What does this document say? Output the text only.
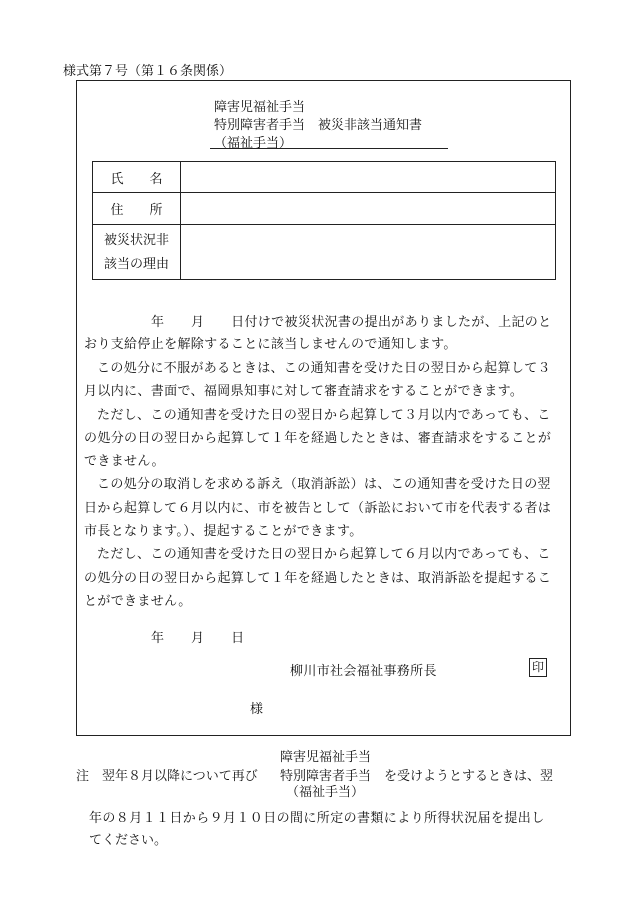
様式第７号（第１６条関係）
障害児福祉手当
特別障害者手当　被災非該当通知書
（福祉手当）
氏　　名	
住　　所	
被災状況非
該当の理由	
年　　月　　日付けで被災状況書の提出がありましたが、上記のと
おり支給停止を解除することに該当しませんので通知します。
この処分に不服があるときは、この通知書を受けた日の翌日から起算して３
月以内に、書面で、福岡県知事に対して審査請求をすることができます。
ただし、この通知書を受けた日の翌日から起算して３月以内であっても、こ
の処分の日の翌日から起算して１年を経過したときは、審査請求をすることが
できません。
この処分の取消しを求める訴え（取消訴訟）は、この通知書を受けた日の翌
日から起算して６月以内に、市を被告として（訴訟において市を代表する者は
市長となります。）、提起することができます。
ただし、この通知書を受けた日の翌日から起算して６月以内であっても、こ
の処分の日の翌日から起算して１年を経過したときは、取消訴訟を提起するこ
とができません。
年　　月　　日
柳川市社会福祉事務所長	印
様
障害児福祉手当
注　翌年８月以降について再び 特別障害者手当 を受けようとするときは、翌
（福祉手当）
年の８月１１日から９月１０日の間に所定の書類により所得状況届を提出し
てください。
